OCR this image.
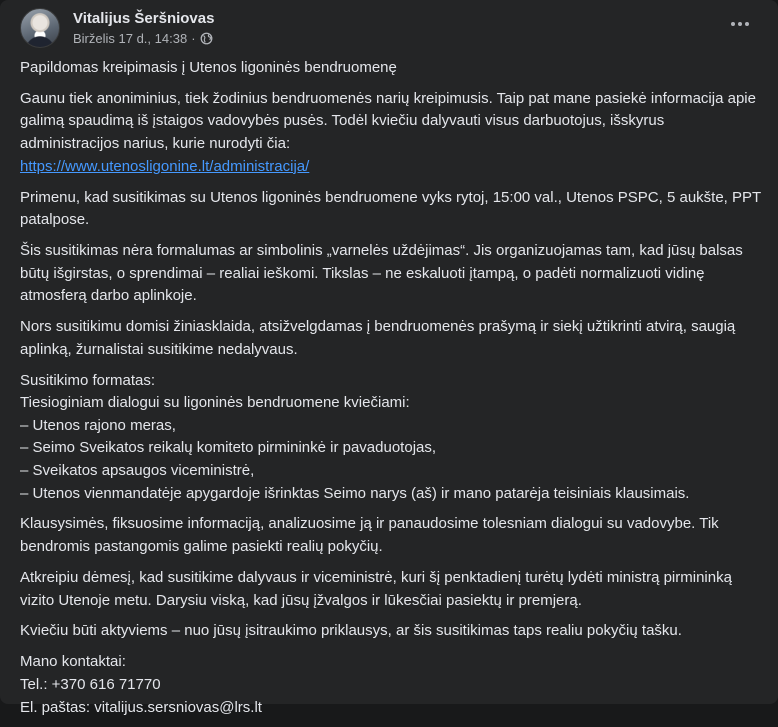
Vitalijus Šeršniovas
Birželis 17 d., 14:38 ·

Papildomas kreipimasis į Utenos ligoninės bendruomenę

Gaunu tiek anoniminius, tiek žodinius bendruomenės narių kreipimusis. Taip pat mane pasiekė informacija apie galimą spaudimą iš įstaigos vadovybės pusės. Todėl kviečiu dalyvauti visus darbuotojus, išskyrus administracijos narius, kurie nurodyti čia:
https://www.utenosligonine.lt/administracija/

Primenu, kad susitikimas su Utenos ligoninės bendruomene vyks rytoj, 15:00 val., Utenos PSPC, 5 aukšte, PPT patalpose.

Šis susitikimas nėra formalumas ar simbolinis „varnelės uždėjimas“. Jis organizuojamas tam, kad jūsų balsas būtų išgirstas, o sprendimai – realiai ieškomi. Tikslas – ne eskaluoti įtampą, o padėti normalizuoti vidinę atmosferą darbo aplinkoje.

Nors susitikimu domisi žiniasklaida, atsižvelgdamas į bendruomenės prašymą ir siekį užtikrinti atvirą, saugią aplinką, žurnalistai susitikime nedalyvaus.

Susitikimo formatas:
Tiesioginiam dialogui su ligoninės bendruomene kviečiami:
– Utenos rajono meras,
– Seimo Sveikatos reikalų komiteto pirmininkė ir pavaduotojas,
– Sveikatos apsaugos viceministrė,
– Utenos vienmandatėje apygardoje išrinktas Seimo narys (aš) ir mano patarėja teisiniais klausimais.

Klausysimės, fiksuosime informaciją, analizuosime ją ir panaudosime tolesniam dialogui su vadovybe. Tik bendromis pastangomis galime pasiekti realių pokyčių.

Atkreipiu dėmesį, kad susitikime dalyvaus ir viceministrė, kuri šį penktadienį turėtų lydėti ministrą pirmininką vizito Utenoje metu. Darysiu viską, kad jūsų įžvalgos ir lūkesčiai pasiektų ir premjerą.

Kviečiu būti aktyviems – nuo jūsų įsitraukimo priklausys, ar šis susitikimas taps realiu pokyčių tašku.

Mano kontaktai:
Tel.: +370 616 71770
El. paštas: vitalijus.sersniovas@lrs.lt
